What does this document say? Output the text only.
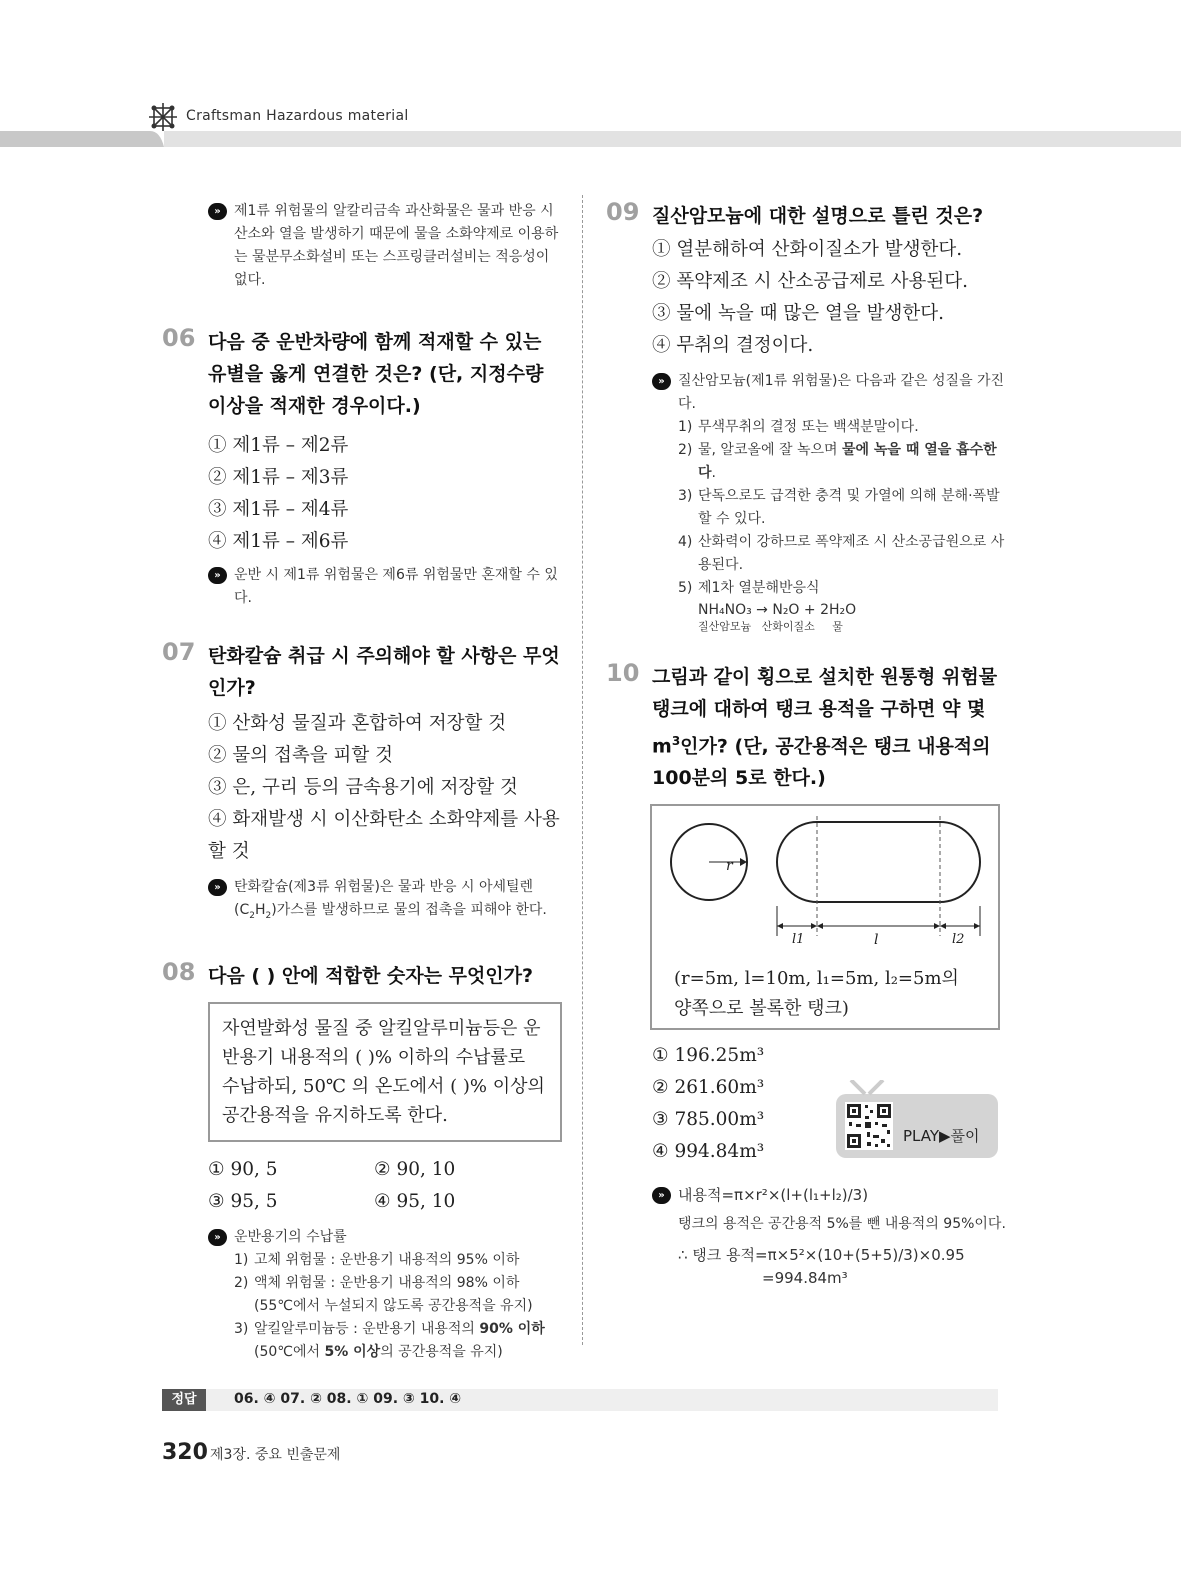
Craftsman Hazardous material
» 제1류 위험물의 알칼리금속 과산화물은 물과 반응 시 산소와 열을 발생하기 때문에 물을 소화약제로 이용하는 물분무소화설비 또는 스프링클러설비는 적응성이 없다.
06 다음 중 운반차량에 함께 적재할 수 있는 유별을 옳게 연결한 것은? (단, 지정수량 이상을 적재한 경우이다.)
① 제1류 – 제2류
② 제1류 – 제3류
③ 제1류 – 제4류
④ 제1류 – 제6류
» 운반 시 제1류 위험물은 제6류 위험물만 혼재할 수 있다.
07 탄화칼슘 취급 시 주의해야 할 사항은 무엇인가?
① 산화성 물질과 혼합하여 저장할 것
② 물의 접촉을 피할 것
③ 은, 구리 등의 금속용기에 저장할 것
④ 화재발생 시 이산화탄소 소화약제를 사용할 것
» 탄화칼슘(제3류 위험물)은 물과 반응 시 아세틸렌$(C_2H_2)$가스를 발생하므로 물의 접촉을 피해야 한다.
08 다음 ( ) 안에 적합한 숫자는 무엇인가?
자연발화성 물질 중 알킬알루미늄등은 운반용기 내용적의 ( )% 이하의 수납률로 수납하되, 50℃ 의 온도에서 ( )% 이상의 공간용적을 유지하도록 한다.
① 90, 5	② 90, 10
③ 95, 5	④ 95, 10
» 운반용기의 수납률
1) 고체 위험물 : 운반용기 내용적의 95% 이하
2) 액체 위험물 : 운반용기 내용적의 98% 이하 (55℃에서 누설되지 않도록 공간용적을 유지)
3) 알킬알루미늄등 : 운반용기 내용적의 90% 이하(50℃에서 5% 이상의 공간용적을 유지)
09 질산암모늄에 대한 설명으로 틀린 것은?
① 열분해하여 산화이질소가 발생한다.
② 폭약제조 시 산소공급제로 사용된다.
③ 물에 녹을 때 많은 열을 발생한다.
④ 무취의 결정이다.
» 질산암모늄(제1류 위험물)은 다음과 같은 성질을 가진다.
1) 무색무취의 결정 또는 백색분말이다.
2) 물, 알코올에 잘 녹으며 물에 녹을 때 열을 흡수한다.
3) 단독으로도 급격한 충격 및 가열에 의해 분해·폭발할 수 있다.
4) 산화력이 강하므로 폭약제조 시 산소공급원으로 사용된다.
5) 제1차 열분해반응식
NH₄NO₃ → N₂O + 2H₂O
질산암모늄 산화이질소 물
10 그림과 같이 횡으로 설치한 원통형 위험물탱크에 대하여 탱크 용적을 구하면 약 몇 $m^3$인가? (단, 공간용적은 탱크 내용적의 100분의 5로 한다.)
r
l1	l	l2
(r=5m, l=10m, l₁=5m, l₂=5m의
양쪽으로 볼록한 탱크)
① 196.25m³
② 261.60m³
③ 785.00m³
④ 994.84m³
» 내용적=π×r²×(l+(l₁+l₂)/3)
탱크의 용적은 공간용적 5%를 뺀 내용적의 95%이다.
∴ 탱크 용적=π×5²×(10+(5+5)/3)×0.95
=994.84m³
PLAY▶풀이
정답	06. ④ 07. ② 08. ① 09. ③ 10. ④
320 제3장. 중요 빈출문제
